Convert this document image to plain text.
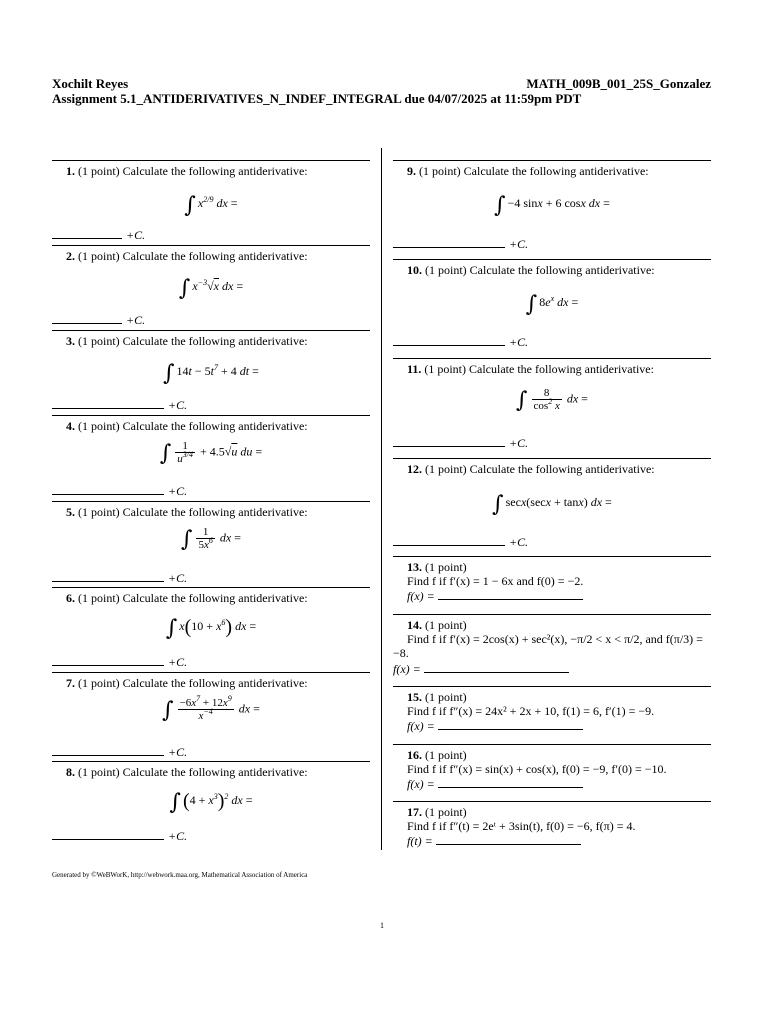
Xochilt Reyes	MATH_009B_001_25S_Gonzalez
Assignment 5.1_ANTIDERIVATIVES_N_INDEF_INTEGRAL due 04/07/2025 at 11:59pm PDT
1. (1 point) Calculate the following antiderivative:
∫ $x^{2/9}$ dx =
+C.
2. (1 point) Calculate the following antiderivative:
∫ $x^{-3}√x$ dx =
+C.
3. (1 point) Calculate the following antiderivative:
∫ $14t - 5t^7 + 4$ dt =
+C.
4. (1 point) Calculate the following antiderivative:
∫ $\frac{1}{u^{3/4}} + 4.5√u$ du =
+C.
5. (1 point) Calculate the following antiderivative:
∫ $\frac{1}{5x^6}$ dx =
+C.
6. (1 point) Calculate the following antiderivative:
∫ $x(10 + x^6)$ dx =
+C.
7. (1 point) Calculate the following antiderivative:
∫ $\frac{-6x^7 + 12x^9}{x^{-4}}$ dx =
+C.
8. (1 point) Calculate the following antiderivative:
∫ $(4 + x^3)^2$ dx =
+C.
9. (1 point) Calculate the following antiderivative:
∫ −4 sinx + 6 cosx dx =
+C.
10. (1 point) Calculate the following antiderivative:
∫ $8e^x$ dx =
+C.
11. (1 point) Calculate the following antiderivative:
∫ $\frac{8}{\cos^2 x}$ dx =
+C.
12. (1 point) Calculate the following antiderivative:
∫ secx(secx + tanx) dx =
+C.
13. (1 point)
Find f if f′(x) = 1 − 6x and f(0) = −2.
f(x) =
14. (1 point)
Find f if f′(x) = 2cos(x) + sec²(x), −π/2 < x < π/2, and f(π/3) = −8.
f(x) =
15. (1 point)
Find f if f″(x) = 24x² + 2x + 10, f(1) = 6, f′(1) = −9.
f(x) =
16. (1 point)
Find f if f″(x) = sin(x) + cos(x), f(0) = −9, f′(0) = −10.
f(x) =
17. (1 point)
Find f if f″(t) = 2eᵗ + 3sin(t), f(0) = −6, f(π) = 4.
f(t) =
Generated by ©WeBWorK, http://webwork.maa.org, Mathematical Association of America
1
